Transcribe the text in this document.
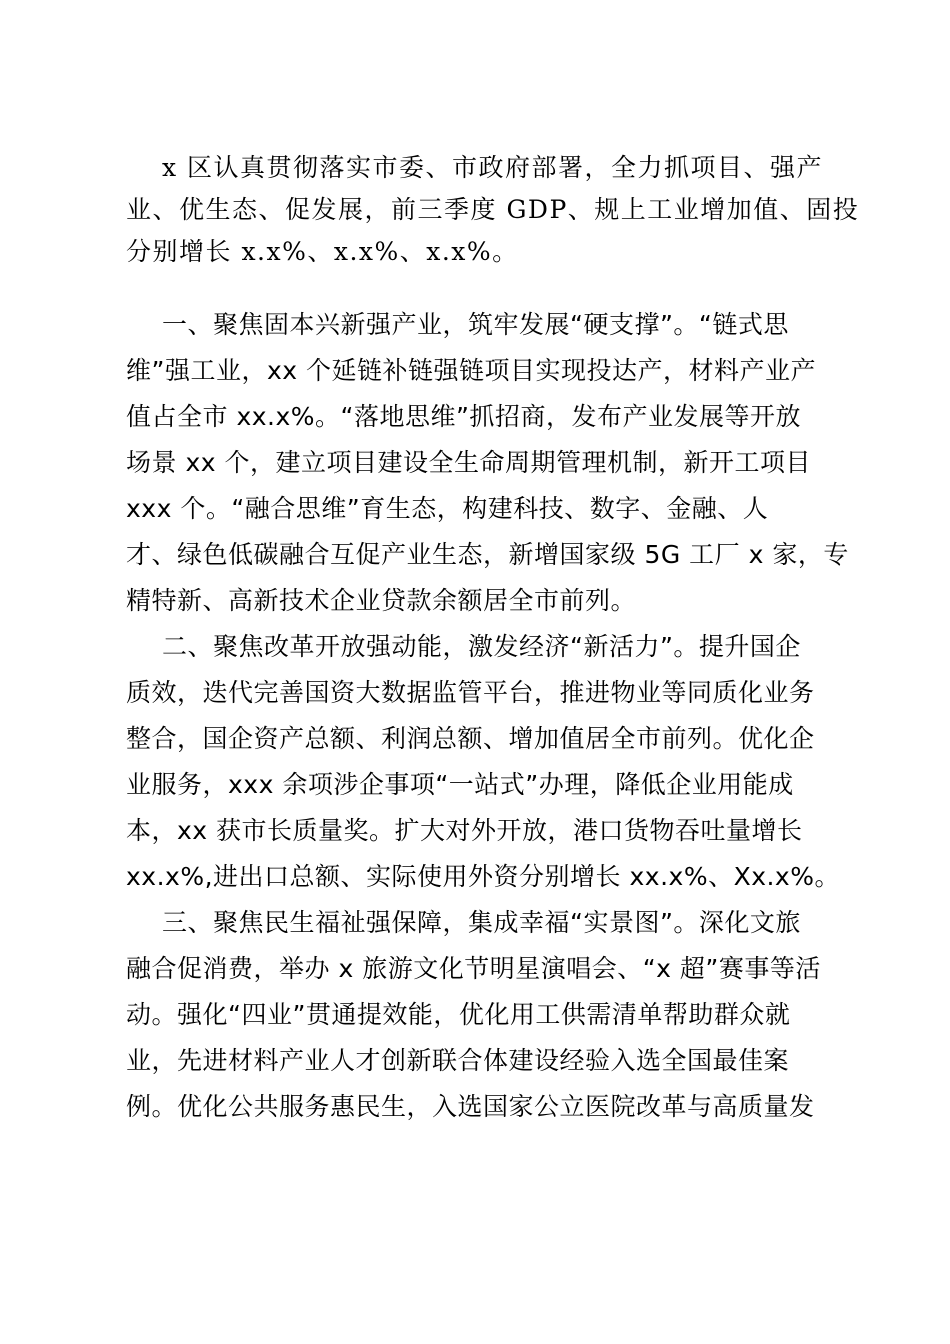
x 区认真贯彻落实市委、市政府部署，全力抓项目、强产
业、优生态、促发展，前三季度 GDP、规上工业增加值、固投
分别增长 x.x%、x.x%、x.x%。
一、聚焦固本兴新强产业，筑牢发展“硬支撑”。“链式思
维”强工业，xx 个延链补链强链项目实现投达产，材料产业产
值占全市 xx.x%。“落地思维”抓招商，发布产业发展等开放
场景 xx 个，建立项目建设全生命周期管理机制，新开工项目
xxx 个。“融合思维”育生态，构建科技、数字、金融、人
才、绿色低碳融合互促产业生态，新增国家级 5G 工厂 x 家，专
精特新、高新技术企业贷款余额居全市前列。
二、聚焦改革开放强动能，激发经济“新活力”。提升国企
质效，迭代完善国资大数据监管平台，推进物业等同质化业务
整合，国企资产总额、利润总额、增加值居全市前列。优化企
业服务，xxx 余项涉企事项“一站式”办理，降低企业用能成
本，xx 获市长质量奖。扩大对外开放，港口货物吞吐量增长
xx.x%,进出口总额、实际使用外资分别增长 xx.x%、Xx.x%。
三、聚焦民生福祉强保障，集成幸福“实景图”。深化文旅
融合促消费，举办 x 旅游文化节明星演唱会、“x 超”赛事等活
动。强化“四业”贯通提效能，优化用工供需清单帮助群众就
业，先进材料产业人才创新联合体建设经验入选全国最佳案
例。优化公共服务惠民生，入选国家公立医院改革与高质量发
